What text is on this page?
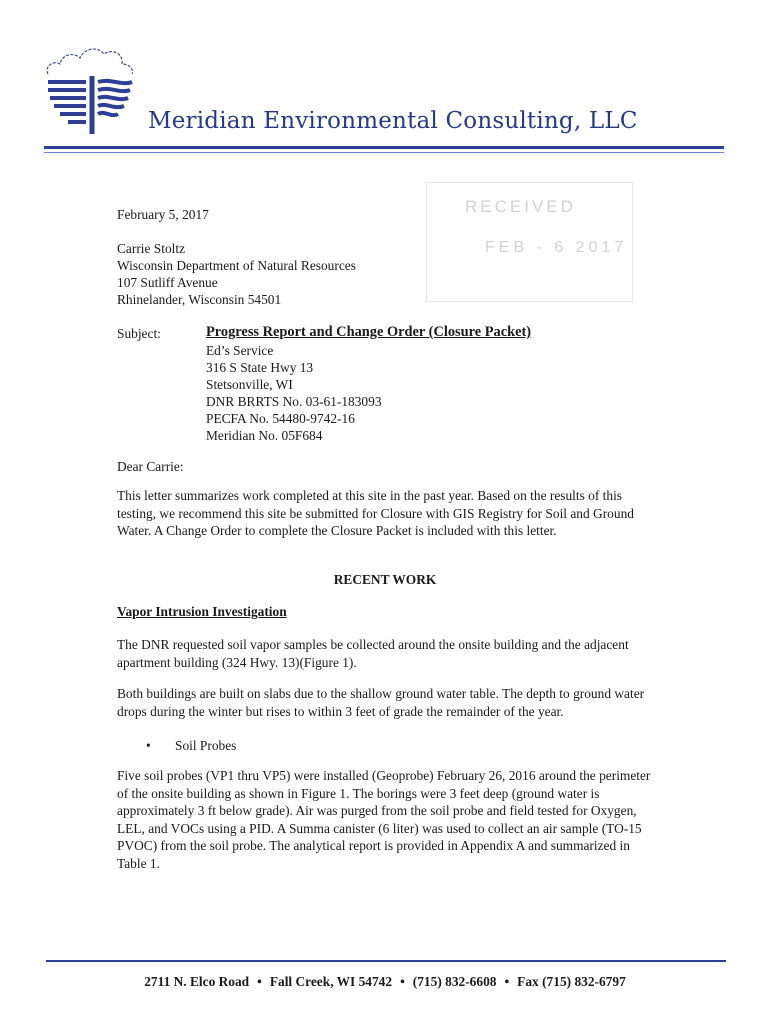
Meridian Environmental Consulting, LLC
RECEIVED
FEB - 6 2017
February 5, 2017
Carrie Stoltz
Wisconsin Department of Natural Resources
107 Sutliff Avenue
Rhinelander, Wisconsin 54501
Subject:	Progress Report and Change Order (Closure Packet)
Ed’s Service
316 S State Hwy 13
Stetsonville, WI
DNR BRRTS No. 03-61-183093
PECFA No. 54480-9742-16
Meridian No. 05F684
Dear Carrie:
This letter summarizes work completed at this site in the past year. Based on the results of this testing, we recommend this site be submitted for Closure with GIS Registry for Soil and Ground Water. A Change Order to complete the Closure Packet is included with this letter.
RECENT WORK
Vapor Intrusion Investigation
The DNR requested soil vapor samples be collected around the onsite building and the adjacent apartment building (324 Hwy. 13)(Figure 1).
Both buildings are built on slabs due to the shallow ground water table. The depth to ground water drops during the winter but rises to within 3 feet of grade the remainder of the year.
• Soil Probes
Five soil probes (VP1 thru VP5) were installed (Geoprobe) February 26, 2016 around the perimeter of the onsite building as shown in Figure 1. The borings were 3 feet deep (ground water is approximately 3 ft below grade). Air was purged from the soil probe and field tested for Oxygen, LEL, and VOCs using a PID. A Summa canister (6 liter) was used to collect an air sample (TO-15 PVOC) from the soil probe. The analytical report is provided in Appendix A and summarized in Table 1.
2711 N. Elco Road • Fall Creek, WI 54742 • (715) 832-6608 • Fax (715) 832-6797
